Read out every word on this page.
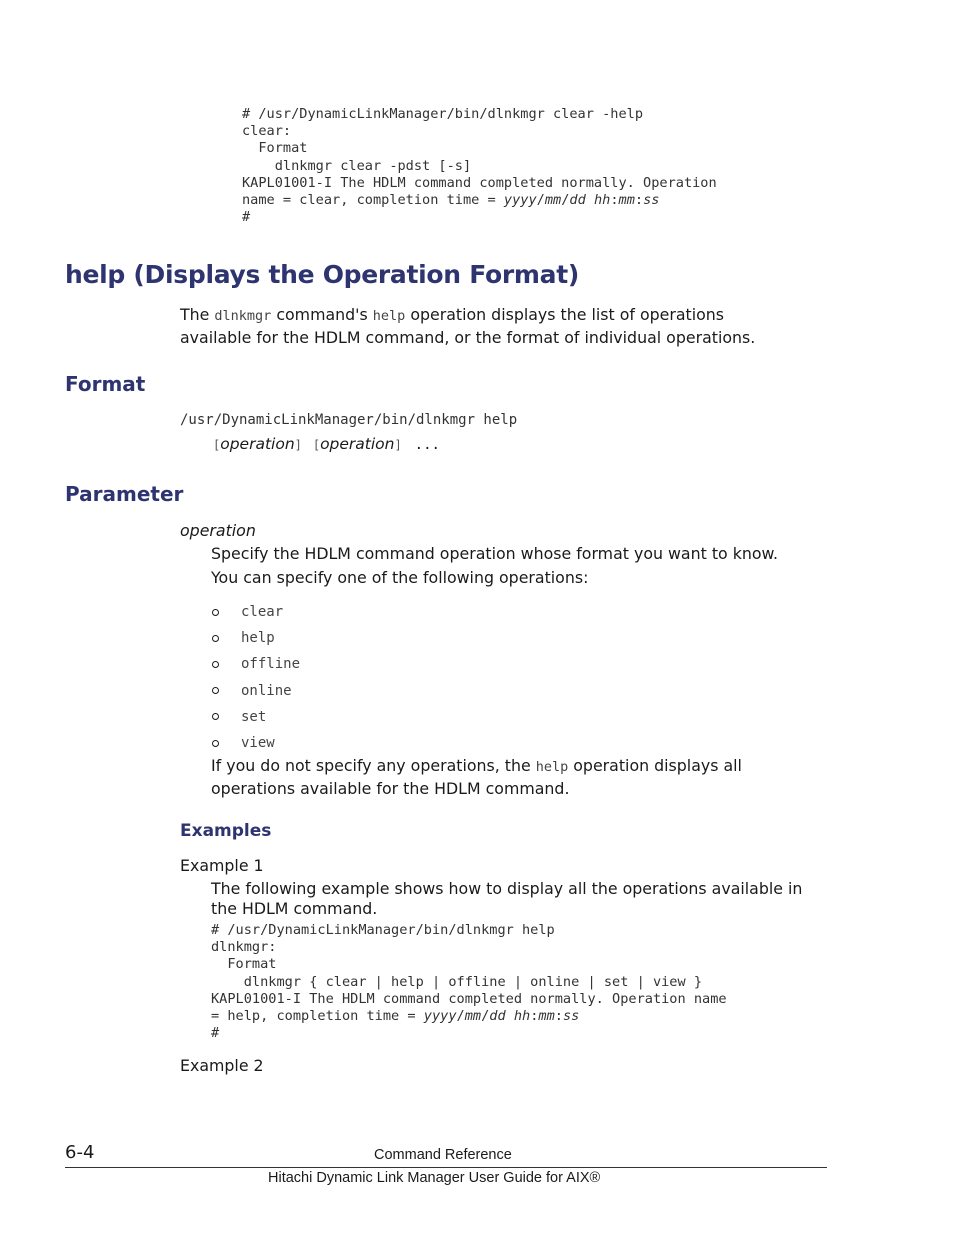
# /usr/DynamicLinkManager/bin/dlnkmgr clear -help
clear:
Format
dlnkmgr clear -pdst [-s]
KAPL01001-I The HDLM command completed normally. Operation
name = clear, completion time = yyyy/mm/dd hh:mm:ss
#
help (Displays the Operation Format)
The dlnkmgr command's help operation displays the list of operations
available for the HDLM command, or the format of individual operations.
Format
/usr/DynamicLinkManager/bin/dlnkmgr help
[operation] [operation] ...
Parameter
operation
Specify the HDLM command operation whose format you want to know.
You can specify one of the following operations:
clear
help
offline
online
set
view
If you do not specify any operations, the help operation displays all
operations available for the HDLM command.
Examples
Example 1
The following example shows how to display all the operations available in
the HDLM command.
# /usr/DynamicLinkManager/bin/dlnkmgr help
dlnkmgr:
Format
dlnkmgr { clear | help | offline | online | set | view }
KAPL01001-I The HDLM command completed normally. Operation name
= help, completion time = yyyy/mm/dd hh:mm:ss
#
Example 2
6-4	Command Reference
Hitachi Dynamic Link Manager User Guide for AIX®
